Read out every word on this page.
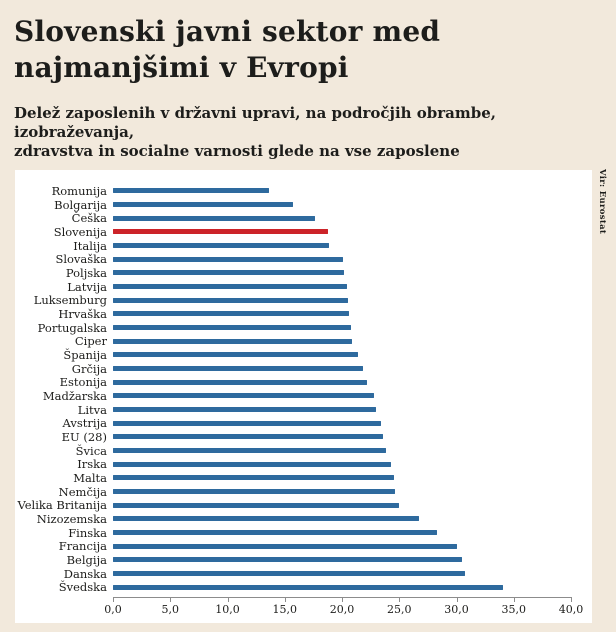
Slovenski javni sektor med
najmanjšimi v Evropi

Delež zaposlenih v državni upravi, na področjih obrambe, izobraževanja,
zdravstva in socialne varnosti glede na vse zaposlene

Romunija
Bolgarija
Češka
Slovenija
Italija
Slovaška
Poljska
Latvija
Luksemburg
Hrvaška
Portugalska
Ciper
Španija
Grčija
Estonija
Madžarska
Litva
Avstrija
EU (28)
Švica
Irska
Malta
Nemčija
Velika Britanija
Nizozemska
Finska
Francija
Belgija
Danska
Švedska
0,0	5,0	10,0	15,0	20,0	25,0	30,0	35,0	40,0
Vir: Eurostat
